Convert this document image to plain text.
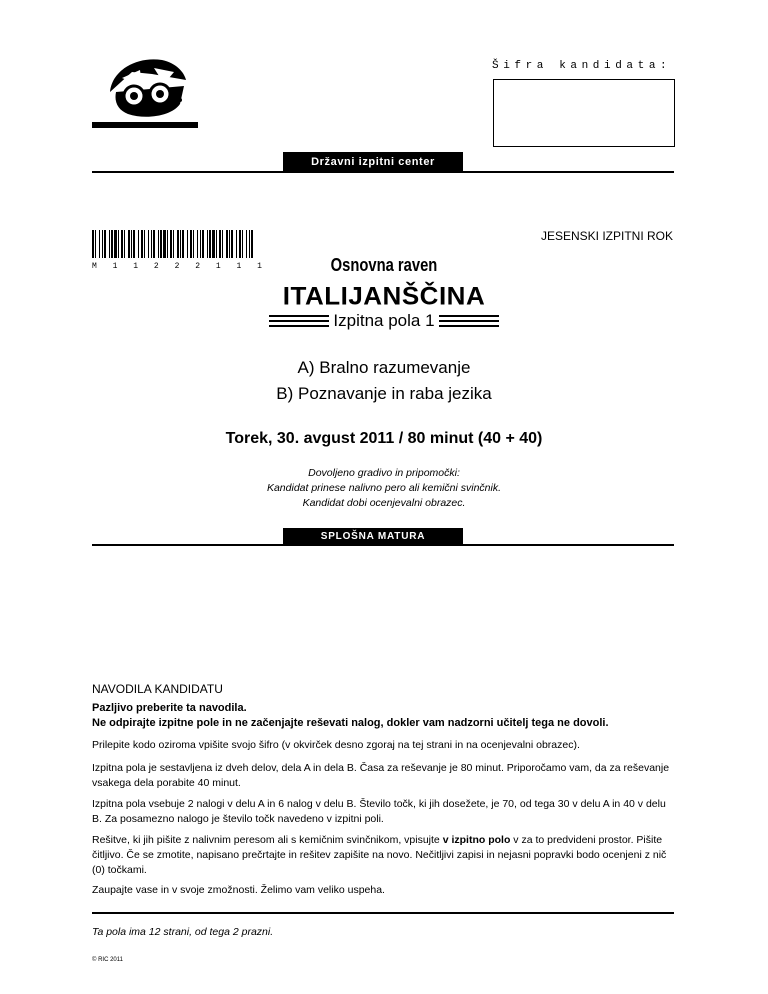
Šifra kandidata:
Državni izpitni center
JESENSKI IZPITNI ROK
M 1 1 2 2 2 1 1 1	Osnovna raven
ITALIJANŠČINA
Izpitna pola 1
A) Bralno razumevanje
B) Poznavanje in raba jezika
Torek, 30. avgust 2011 / 80 minut (40 + 40)
Dovoljeno gradivo in pripomočki:
Kandidat prinese nalivno pero ali kemični svinčnik.
Kandidat dobi ocenjevalni obrazec.
SPLOŠNA MATURA
NAVODILA KANDIDATU
Pazljivo preberite ta navodila.
Ne odpirajte izpitne pole in ne začenjajte reševati nalog, dokler vam nadzorni učitelj tega ne dovoli.
Prilepite kodo oziroma vpišite svojo šifro (v okvirček desno zgoraj na tej strani in na ocenjevalni obrazec).
Izpitna pola je sestavljena iz dveh delov, dela A in dela B. Časa za reševanje je 80 minut. Priporočamo vam, da za reševanje vsakega dela porabite 40 minut.
Izpitna pola vsebuje 2 nalogi v delu A in 6 nalog v delu B. Število točk, ki jih dosežete, je 70, od tega 30 v delu A in 40 v delu B. Za posamezno nalogo je število točk navedeno v izpitni poli.
Rešitve, ki jih pišite z nalivnim peresom ali s kemičnim svinčnikom, vpisujte v izpitno polo v za to predvideni prostor. Pišite čitljivo. Če se zmotite, napisano prečrtajte in rešitev zapišite na novo. Nečitljivi zapisi in nejasni popravki bodo ocenjeni z nič (0) točkami.
Zaupajte vase in v svoje zmožnosti. Želimo vam veliko uspeha.
Ta pola ima 12 strani, od tega 2 prazni.
© RIC 2011
